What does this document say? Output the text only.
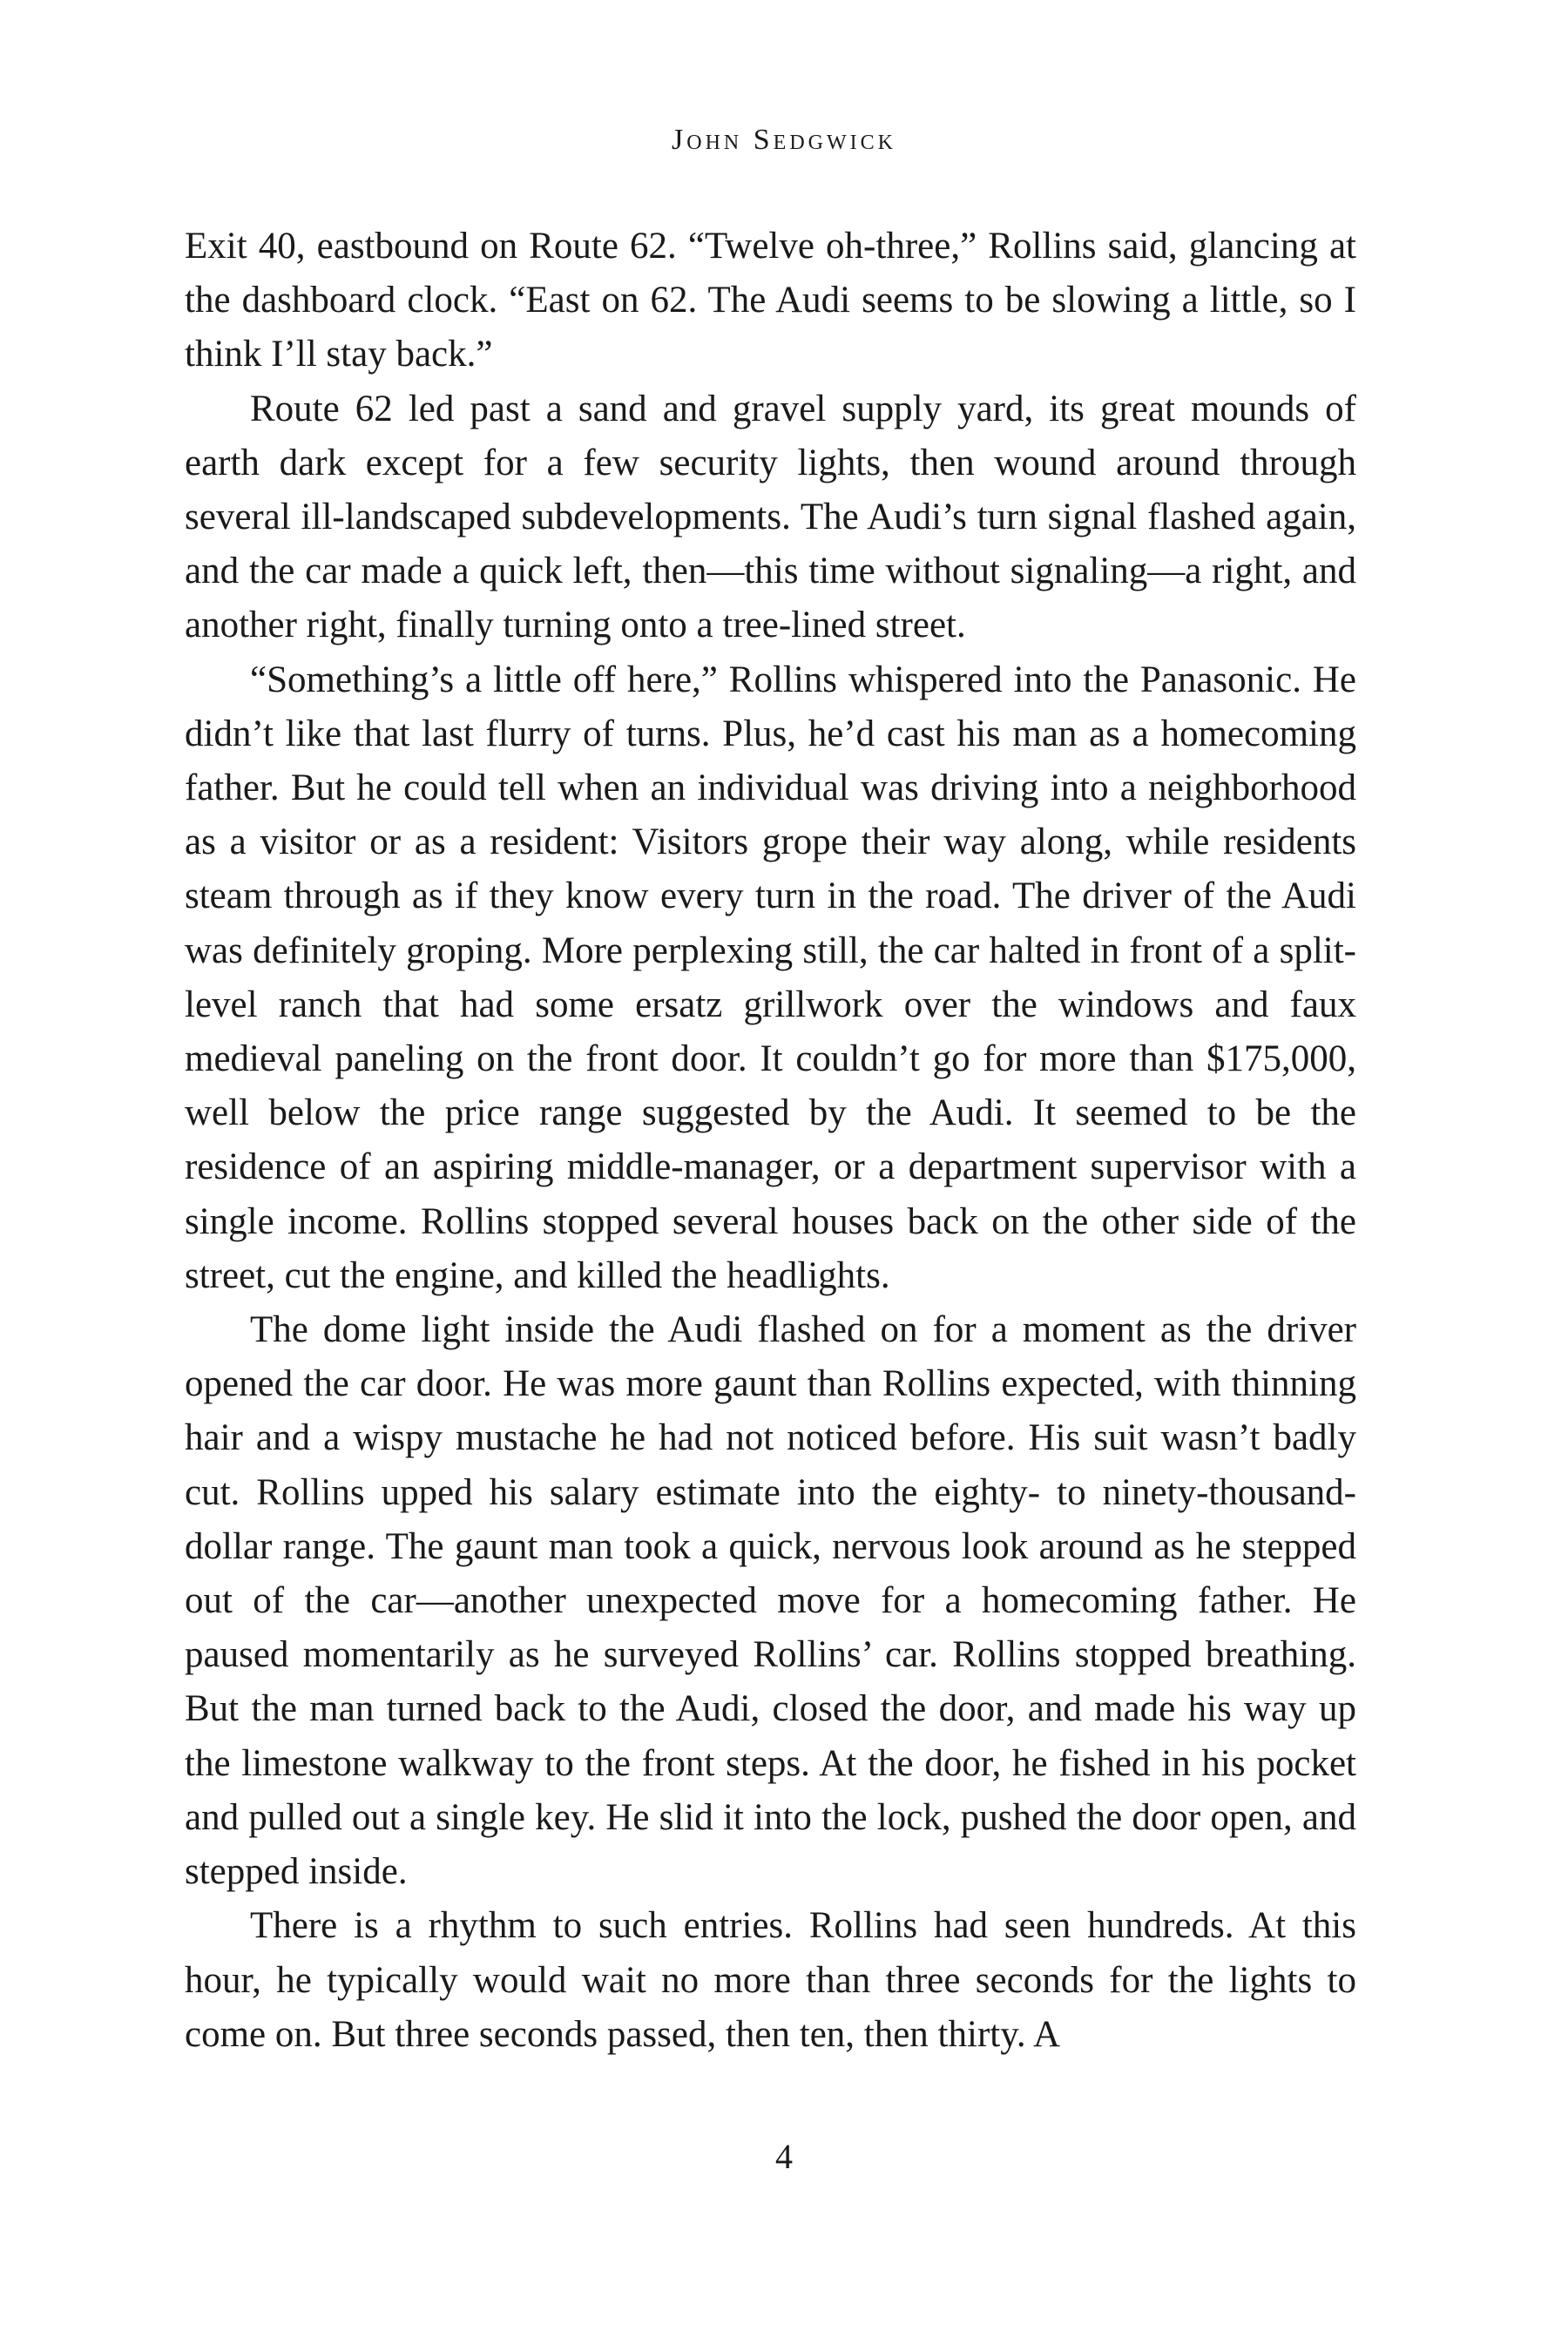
John Sedgwick

Exit 40, eastbound on Route 62. “Twelve oh-three,” Rollins said, glancing at the dashboard clock. “East on 62. The Audi seems to be slowing a little, so I think I’ll stay back.”

Route 62 led past a sand and gravel supply yard, its great mounds of earth dark except for a few security lights, then wound around through several ill-landscaped subdevelopments. The Audi’s turn signal flashed again, and the car made a quick left, then—this time without signaling—a right, and another right, finally turning onto a tree-lined street.

“Something’s a little off here,” Rollins whispered into the Panasonic. He didn’t like that last flurry of turns. Plus, he’d cast his man as a homecoming father. But he could tell when an individual was driving into a neighborhood as a visitor or as a resident: Visitors grope their way along, while residents steam through as if they know every turn in the road. The driver of the Audi was definitely groping. More perplexing still, the car halted in front of a split-level ranch that had some ersatz grillwork over the windows and faux medieval paneling on the front door. It couldn’t go for more than $175,000, well below the price range suggested by the Audi. It seemed to be the residence of an aspiring middle-manager, or a department supervisor with a single income. Rollins stopped several houses back on the other side of the street, cut the engine, and killed the headlights.

The dome light inside the Audi flashed on for a moment as the driver opened the car door. He was more gaunt than Rollins expected, with thinning hair and a wispy mustache he had not noticed before. His suit wasn’t badly cut. Rollins upped his salary estimate into the eighty- to ninety-thousand-dollar range. The gaunt man took a quick, nervous look around as he stepped out of the car—another unexpected move for a homecoming father. He paused momentarily as he surveyed Rollins’ car. Rollins stopped breathing. But the man turned back to the Audi, closed the door, and made his way up the limestone walkway to the front steps. At the door, he fished in his pocket and pulled out a single key. He slid it into the lock, pushed the door open, and stepped inside.

There is a rhythm to such entries. Rollins had seen hundreds. At this hour, he typically would wait no more than three seconds for the lights to come on. But three seconds passed, then ten, then thirty. A

4
